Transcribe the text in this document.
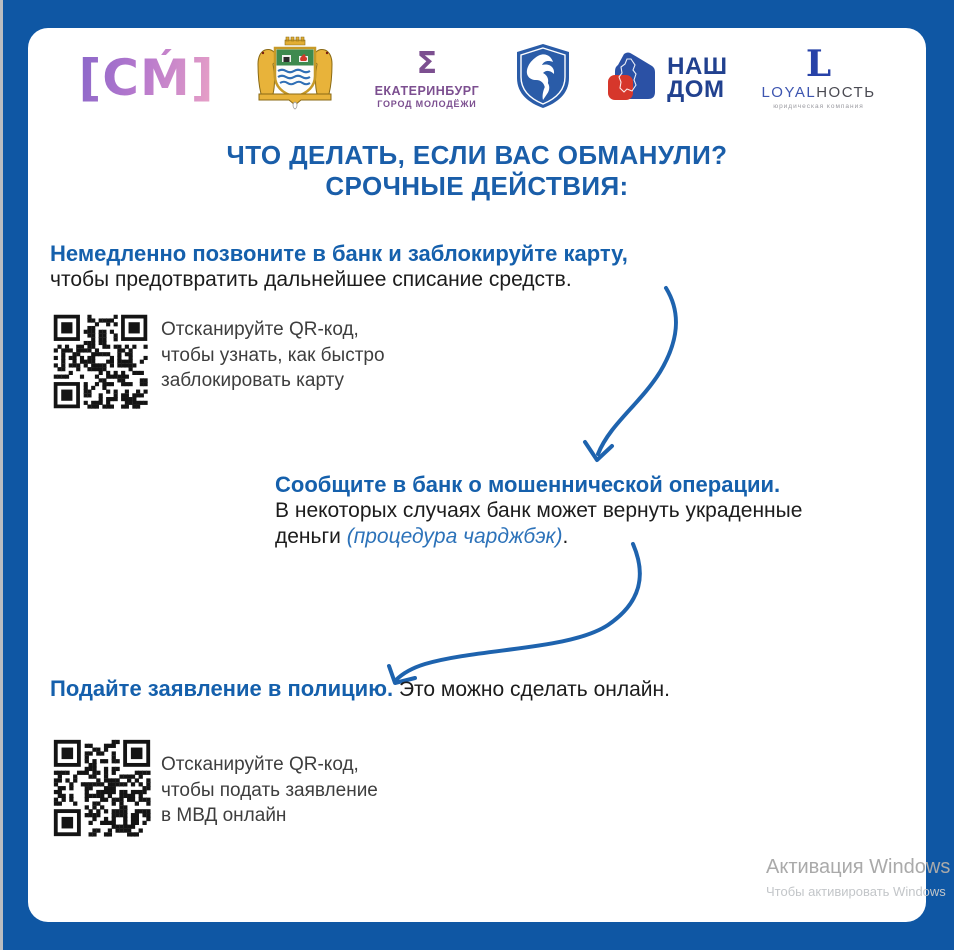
[СМ́]	Σ
ЕКАТЕРИНБУРГ
ГОРОД МОЛОДЁЖИ
НАШ
ДОМ
L
LOYALНОСТЬ
юридическая компания
ЧТО ДЕЛАТЬ, ЕСЛИ ВАС ОБМАНУЛИ?
СРОЧНЫЕ ДЕЙСТВИЯ:
Немедленно позвоните в банк и заблокируйте карту,
чтобы предотвратить дальнейшее списание средств.
Отсканируйте QR-код,
чтобы узнать, как быстро
заблокировать карту
Сообщите в банк о мошеннической операции.
В некоторых случаях банк может вернуть украденные
деньги (процедура чарджбэк).
Подайте заявление в полицию. Это можно сделать онлайн.
Отсканируйте QR-код,
чтобы подать заявление
в МВД онлайн
Активация Windows
Чтобы активировать Windows
